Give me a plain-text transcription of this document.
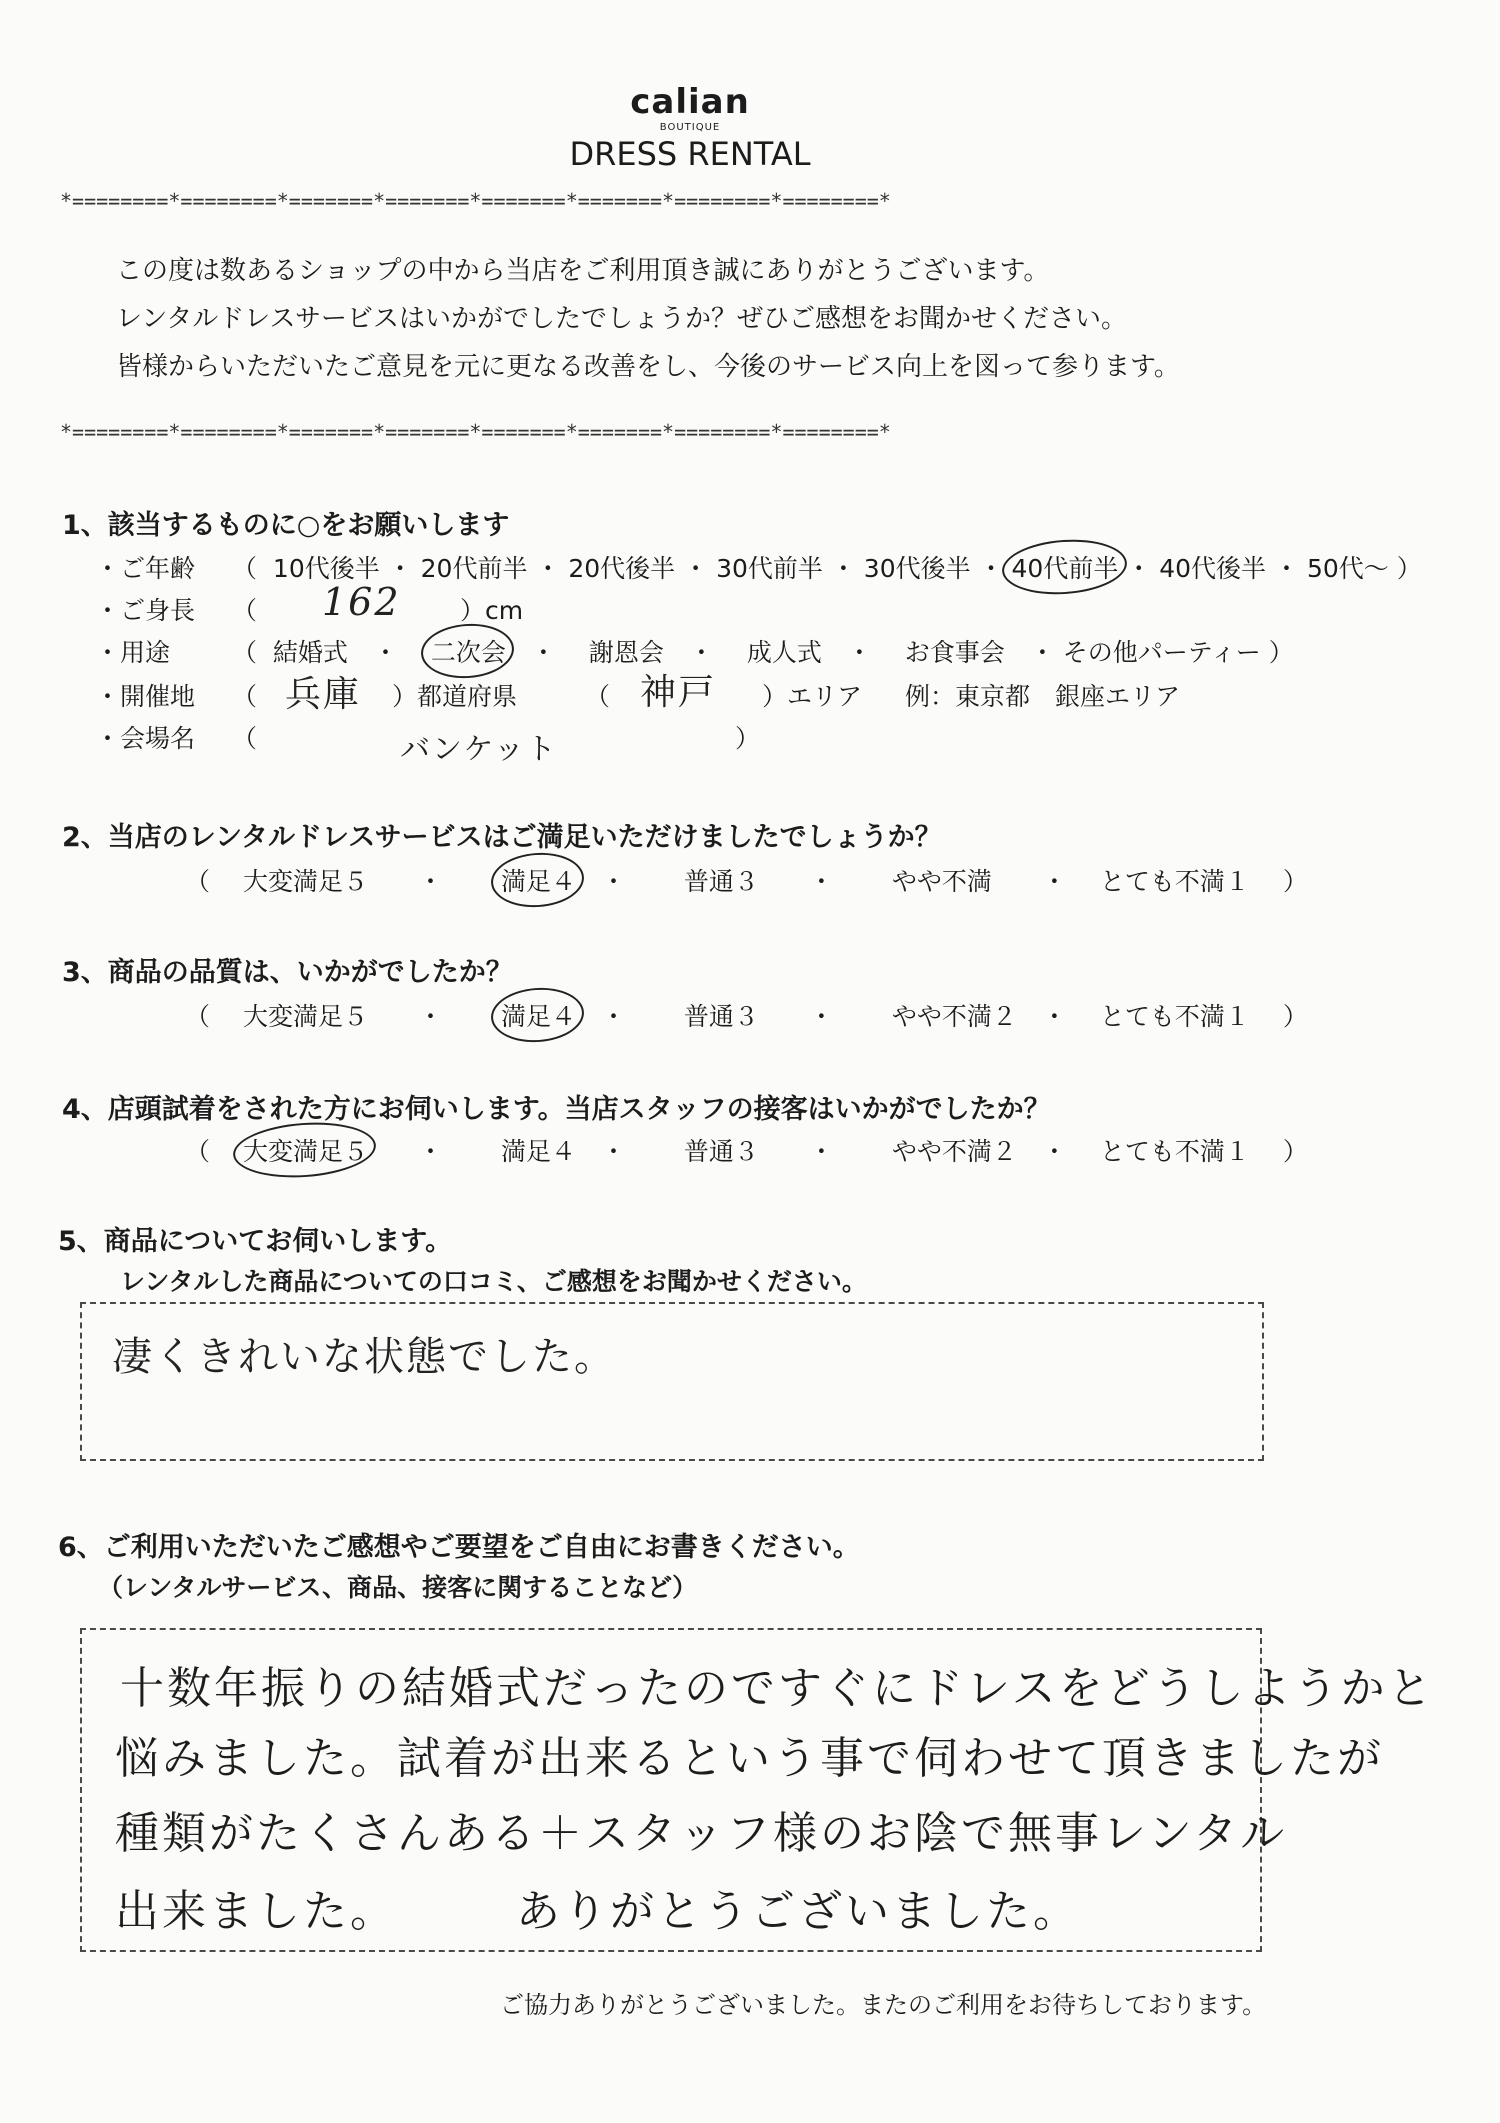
calian
BOUTIQUE
DRESS RENTAL
*========*========*=======*=======*=======*=======*========*========*
この度は数あるショップの中から当店をご利用頂き誠にありがとうございます。
レンタルドレスサービスはいかがでしたでしょうか？ぜひご感想をお聞かせください。
皆様からいただいたご意見を元に更なる改善をし、今後のサービス向上を図って参ります。
*========*========*=======*=======*=======*=======*========*========*
1、該当するものに○をお願いします
・ご年齢 （ 10代後半 ・ 20代前半 ・ 20代後半 ・ 30代前半 ・ 30代後半 ・ 40代前半 ・ 40代後半 ・ 50代〜 ）
・ご身長 （ 162 ）cm
・用途 （ 結婚式　・　 二次会　・　 謝恩会　・　 成人式　・　 お食事会　・ その他パーティー ）
・開催地 （ 兵庫 ）都道府県	（ 神戸 ）エリア 例：東京都　銀座エリア
・会場名 （	バンケット	）
2、当店のレンタルドレスサービスはご満足いただけましたでしょうか？
（　 大変満足５　　・　　 満足４　・　　 普通３　　・　　 やや不満　　・　 とても不満１　 ）
3、商品の品質は、いかがでしたか？
（　 大変満足５　　・　　 満足４　・　　 普通３　　・　　 やや不満２　・　 とても不満１　 ）
4、店頭試着をされた方にお伺いします。当店スタッフの接客はいかがでしたか？
（　 大変満足５　　・　　 満足４　・　　 普通３　　・　　 やや不満２　・　 とても不満１　 ）
5、商品についてお伺いします。
レンタルした商品についての口コミ、ご感想をお聞かせください。
凄くきれいな状態でした。
6、ご利用いただいたご感想やご要望をご自由にお書きください。
（レンタルサービス、商品、接客に関することなど）
十数年振りの結婚式だったのですぐにドレスをどうしようかと
悩みました。試着が出来るという事で伺わせて頂きましたが
種類がたくさんある＋スタッフ様のお陰で無事レンタル
出来ました。　　　ありがとうございました。
ご協力ありがとうございました。またのご利用をお待ちしております。
